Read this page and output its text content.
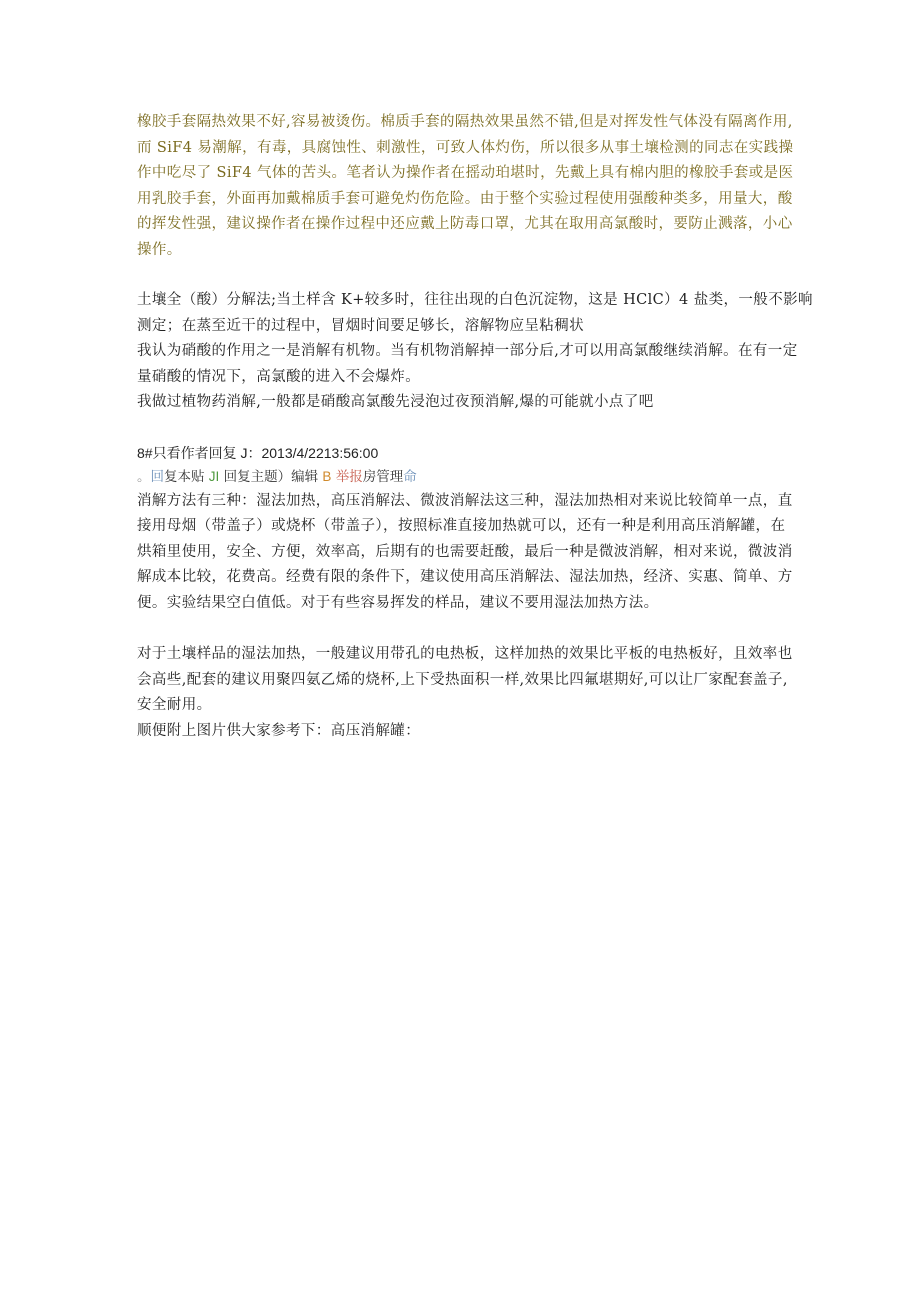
橡胶手套隔热效果不好,容易被烫伤。棉质手套的隔热效果虽然不错,但是对挥发性气体没有隔离作用,
而 SiF4 易潮解，有毒，具腐蚀性、刺激性，可致人体灼伤，所以很多从事土壤检测的同志在实践操
作中吃尽了 SiF4 气体的苦头。笔者认为操作者在摇动珀堪时，先戴上具有棉内胆的橡胶手套或是医
用乳胶手套，外面再加戴棉质手套可避免灼伤危险。由于整个实验过程使用强酸种类多，用量大，酸
的挥发性强，建议操作者在操作过程中还应戴上防毒口罩，尤其在取用高氯酸时，要防止溅落，小心
操作。

土壤全（酸）分解法;当土样含 K+较多时，往往出现的白色沉淀物，这是 HClC）4 盐类，一般不影响
测定；在蒸至近干的过程中，冒烟时间要足够长，溶解物应呈粘稠状
我认为硝酸的作用之一是消解有机物。当有机物消解掉一部分后,才可以用高氯酸继续消解。在有一定
量硝酸的情况下，高氯酸的进入不会爆炸。
我做过植物药消解,一般都是硝酸高氯酸先浸泡过夜预消解,爆的可能就小点了吧

8#只看作者回复 J：2013/4/2213:56:00
。回复本贴 JI 回复主题）编辑 B 举报房管理命

消解方法有三种：湿法加热，高压消解法、微波消解法这三种，湿法加热相对来说比较简单一点，直
接用母烟（带盖子）或烧杯（带盖子），按照标准直接加热就可以，还有一种是利用高压消解罐，在
烘箱里使用，安全、方便，效率高，后期有的也需要赶酸，最后一种是微波消解，相对来说，微波消
解成本比较，花费高。经费有限的条件下，建议使用高压消解法、湿法加热，经济、实惠、简单、方
便。实验结果空白值低。对于有些容易挥发的样品，建议不要用湿法加热方法。

对于土壤样品的湿法加热，一般建议用带孔的电热板，这样加热的效果比平板的电热板好，且效率也
会高些,配套的建议用聚四氨乙烯的烧杯,上下受热面积一样,效果比四氟堪期好,可以让厂家配套盖子,
安全耐用。
顺便附上图片供大家参考下：高压消解罐：
